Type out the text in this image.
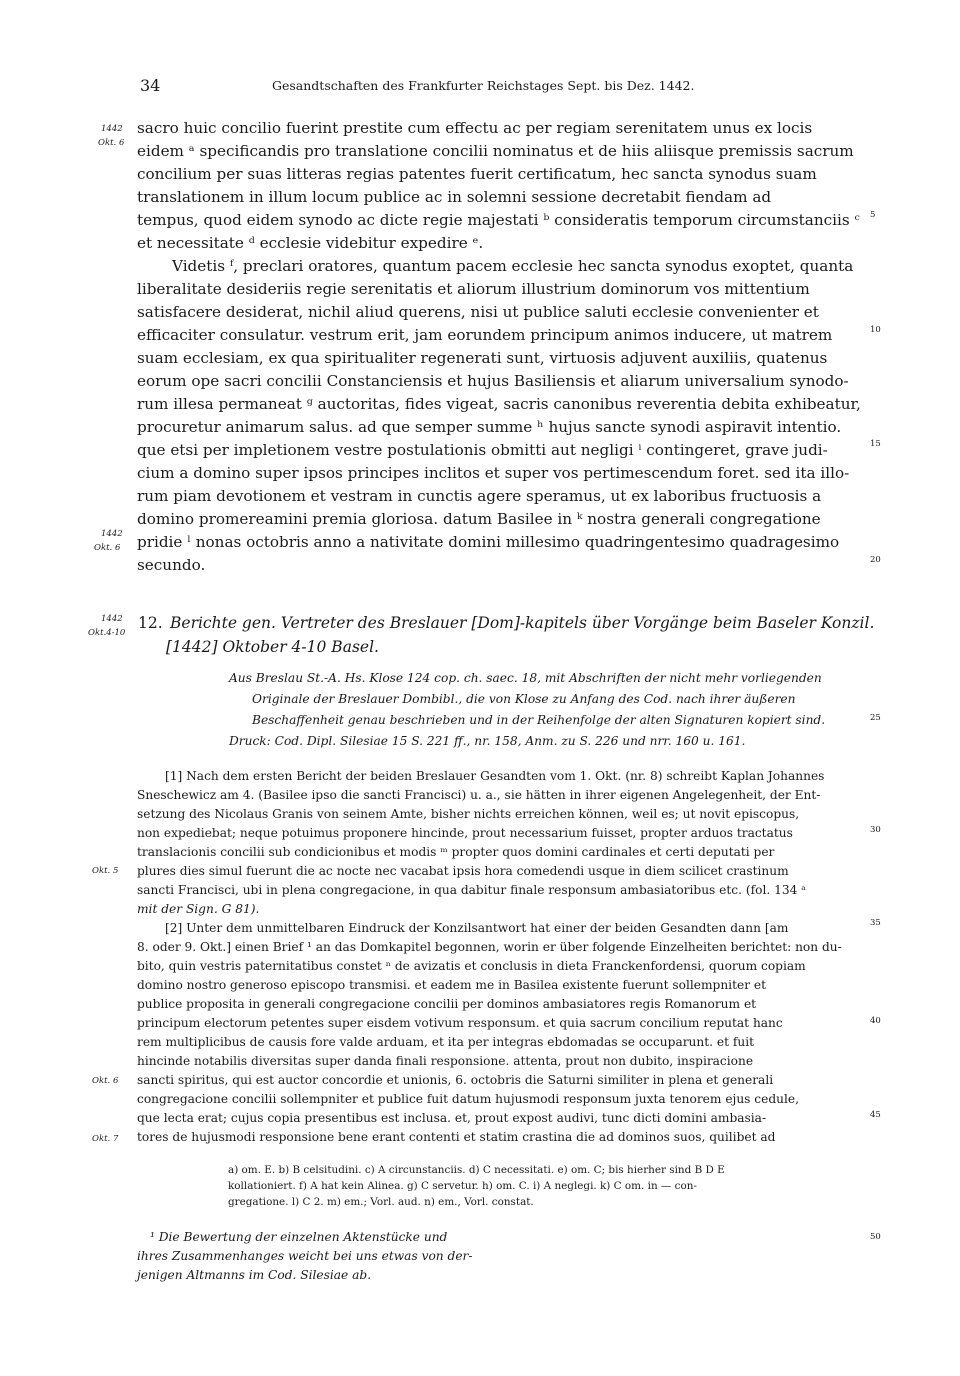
34	Gesandtschaften des Frankfurter Reichstages Sept. bis Dez. 1442.
1442
Okt. 6
1442
Okt. 6
1442
Okt.4-10
Okt. 5
Okt. 6
Okt. 7
5
10
15
20
25
30
35
40
45
50
sacro huic concilio fuerint prestite cum effectu ac per regiam serenitatem unus ex locis
eidem ᵃ specificandis pro translatione concilii nominatus et de hiis aliisque premissis sacrum
concilium per suas litteras regias patentes fuerit certificatum, hec sancta synodus suam
translationem in illum locum publice ac in solemni sessione decretabit fiendam ad
tempus, quod eidem synodo ac dicte regie majestati ᵇ consideratis temporum circumstanciis ᶜ
et necessitate ᵈ ecclesie videbitur expedire ᵉ.
Videtis ᶠ, preclari oratores, quantum pacem ecclesie hec sancta synodus exoptet, quanta
liberalitate desideriis regie serenitatis et aliorum illustrium dominorum vos mittentium
satisfacere desiderat, nichil aliud querens, nisi ut publice saluti ecclesie convenienter et
efficaciter consulatur. vestrum erit, jam eorundem principum animos inducere, ut matrem
suam ecclesiam, ex qua spiritualiter regenerati sunt, virtuosis adjuvent auxiliis, quatenus
eorum ope sacri concilii Constanciensis et hujus Basiliensis et aliarum universalium synodo-
rum illesa permaneat ᵍ auctoritas, fides vigeat, sacris canonibus reverentia debita exhibeatur,
procuretur animarum salus. ad que semper summe ʰ hujus sancte synodi aspiravit intentio.
que etsi per impletionem vestre postulationis obmitti aut negligi ⁱ contingeret, grave judi-
cium a domino super ipsos principes inclitos et super vos pertimescendum foret. sed ita illo-
rum piam devotionem et vestram in cunctis agere speramus, ut ex laboribus fructuosis a
domino promereamini premia gloriosa. datum Basilee in ᵏ nostra generali congregatione
pridie ˡ nonas octobris anno a nativitate domini millesimo quadringentesimo quadragesimo
secundo.
12. Berichte gen. Vertreter des Breslauer [Dom]-kapitels über Vorgänge beim Baseler Konzil.
[1442] Oktober 4-10 Basel.
Aus Breslau St.-A. Hs. Klose 124 cop. ch. saec. 18, mit Abschriften der nicht mehr vorliegenden
Originale der Breslauer Dombibl., die von Klose zu Anfang des Cod. nach ihrer äußeren
Beschaffenheit genau beschrieben und in der Reihenfolge der alten Signaturen kopiert sind.
Druck: Cod. Dipl. Silesiae 15 S. 221 ff., nr. 158, Anm. zu S. 226 und nrr. 160 u. 161.
[1] Nach dem ersten Bericht der beiden Breslauer Gesandten vom 1. Okt. (nr. 8) schreibt Kaplan Johannes
Sneschewicz am 4. (Basilee ipso die sancti Francisci) u. a., sie hätten in ihrer eigenen Angelegenheit, der Ent-
setzung des Nicolaus Granis von seinem Amte, bisher nichts erreichen können, weil es; ut novit episcopus,
non expediebat; neque potuimus proponere hincinde, prout necessarium fuisset, propter arduos tractatus
translacionis concilii sub condicionibus et modis ᵐ propter quos domini cardinales et certi deputati per
plures dies simul fuerunt die ac nocte nec vacabat ipsis hora comedendi usque in diem scilicet crastinum
sancti Francisci, ubi in plena congregacione, in qua dabitur finale responsum ambasiatoribus etc. (fol. 134 ᵃ
mit der Sign. G 81).
[2] Unter dem unmittelbaren Eindruck der Konzilsantwort hat einer der beiden Gesandten dann [am
8. oder 9. Okt.] einen Brief ¹ an das Domkapitel begonnen, worin er über folgende Einzelheiten berichtet: non du-
bito, quin vestris paternitatibus constet ⁿ de avizatis et conclusis in dieta Franckenfordensi, quorum copiam
domino nostro generoso episcopo transmisi. et eadem me in Basilea existente fuerunt sollempniter et
publice proposita in generali congregacione concilii per dominos ambasiatores regis Romanorum et
principum electorum petentes super eisdem votivum responsum. et quia sacrum concilium reputat hanc
rem multiplicibus de causis fore valde arduam, et ita per integras ebdomadas se occuparunt. et fuit
hincinde notabilis diversitas super danda finali responsione. attenta, prout non dubito, inspiracione
sancti spiritus, qui est auctor concordie et unionis, 6. octobris die Saturni similiter in plena et generali
congregacione concilii sollempniter et publice fuit datum hujusmodi responsum juxta tenorem ejus cedule,
que lecta erat; cujus copia presentibus est inclusa. et, prout expost audivi, tunc dicti domini ambasia-
tores de hujusmodi responsione bene erant contenti et statim crastina die ad dominos suos, quilibet ad
a) om. E. b) B celsitudini. c) A circunstanciis. d) C necessitati. e) om. C; bis hierher sind B D E
kollationiert. f) A hat kein Alinea. g) C servetur. h) om. C. i) A neglegi. k) C om. in — con-
gregatione. l) C 2. m) em.; Vorl. aud. n) em., Vorl. constat.
¹ Die Bewertung der einzelnen Aktenstücke und
ihres Zusammenhanges weicht bei uns etwas von der-
jenigen Altmanns im Cod. Silesiae ab.
